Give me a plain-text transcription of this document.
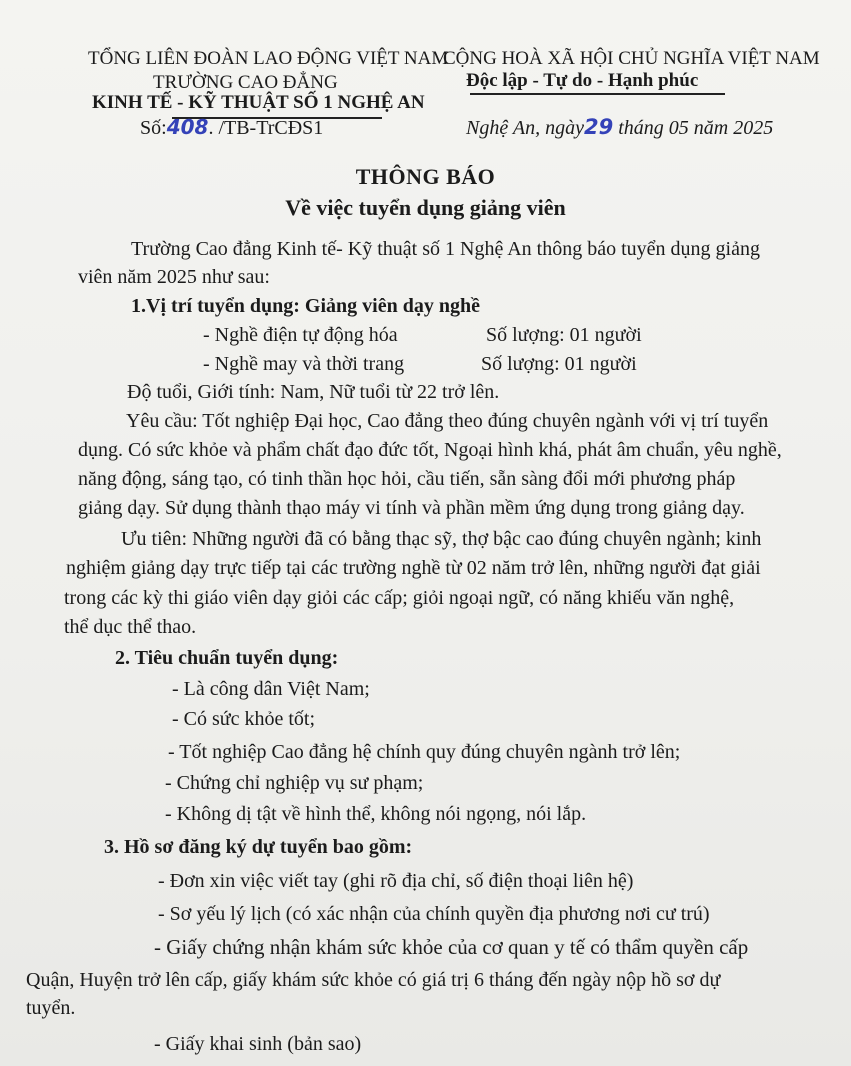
TỔNG LIÊN ĐOÀN LAO ĐỘNG VIỆT NAM
TRƯỜNG CAO ĐẲNG
KINH TẾ - KỸ THUẬT SỐ 1 NGHỆ AN
Số:408. /TB-TrCĐS1
CỘNG HOÀ XÃ HỘI CHỦ NGHĨA VIỆT NAM
Độc lập - Tự do - Hạnh phúc
Nghệ An, ngày29 tháng 05 năm 2025
THÔNG BÁO
Về việc tuyển dụng giảng viên
Trường Cao đẳng Kinh tế- Kỹ thuật số 1 Nghệ An thông báo tuyển dụng giảng
viên năm 2025 như sau:
1.Vị trí tuyển dụng: Giảng viên dạy nghề
- Nghề điện tự động hóa	Số lượng: 01 người
- Nghề may và thời trang	Số lượng: 01 người
Độ tuổi, Giới tính: Nam, Nữ tuổi từ 22 trở lên.
Yêu cầu: Tốt nghiệp Đại học, Cao đẳng theo đúng chuyên ngành với vị trí tuyển
dụng. Có sức khỏe và phẩm chất đạo đức tốt, Ngoại hình khá, phát âm chuẩn, yêu nghề,
năng động, sáng tạo, có tinh thần học hỏi, cầu tiến, sẵn sàng đổi mới phương pháp
giảng dạy. Sử dụng thành thạo máy vi tính và phần mềm ứng dụng trong giảng dạy.
Ưu tiên: Những người đã có bằng thạc sỹ, thợ bậc cao đúng chuyên ngành; kinh
nghiệm giảng dạy trực tiếp tại các trường nghề từ 02 năm trở lên, những người đạt giải
trong các kỳ thi giáo viên dạy giỏi các cấp; giỏi ngoại ngữ, có năng khiếu văn nghệ,
thể dục thể thao.
2. Tiêu chuẩn tuyển dụng:
- Là công dân Việt Nam;
- Có sức khỏe tốt;
- Tốt nghiệp Cao đẳng hệ chính quy đúng chuyên ngành trở lên;
- Chứng chỉ nghiệp vụ sư phạm;
- Không dị tật về hình thể, không nói ngọng, nói lắp.
3. Hồ sơ đăng ký dự tuyển bao gồm:
- Đơn xin việc viết tay (ghi rõ địa chỉ, số điện thoại liên hệ)
- Sơ yếu lý lịch (có xác nhận của chính quyền địa phương nơi cư trú)
- Giấy chứng nhận khám sức khỏe của cơ quan y tế có thẩm quyền cấp
Quận, Huyện trở lên cấp, giấy khám sức khỏe có giá trị 6 tháng đến ngày nộp hồ sơ dự
tuyển.
- Giấy khai sinh (bản sao)
